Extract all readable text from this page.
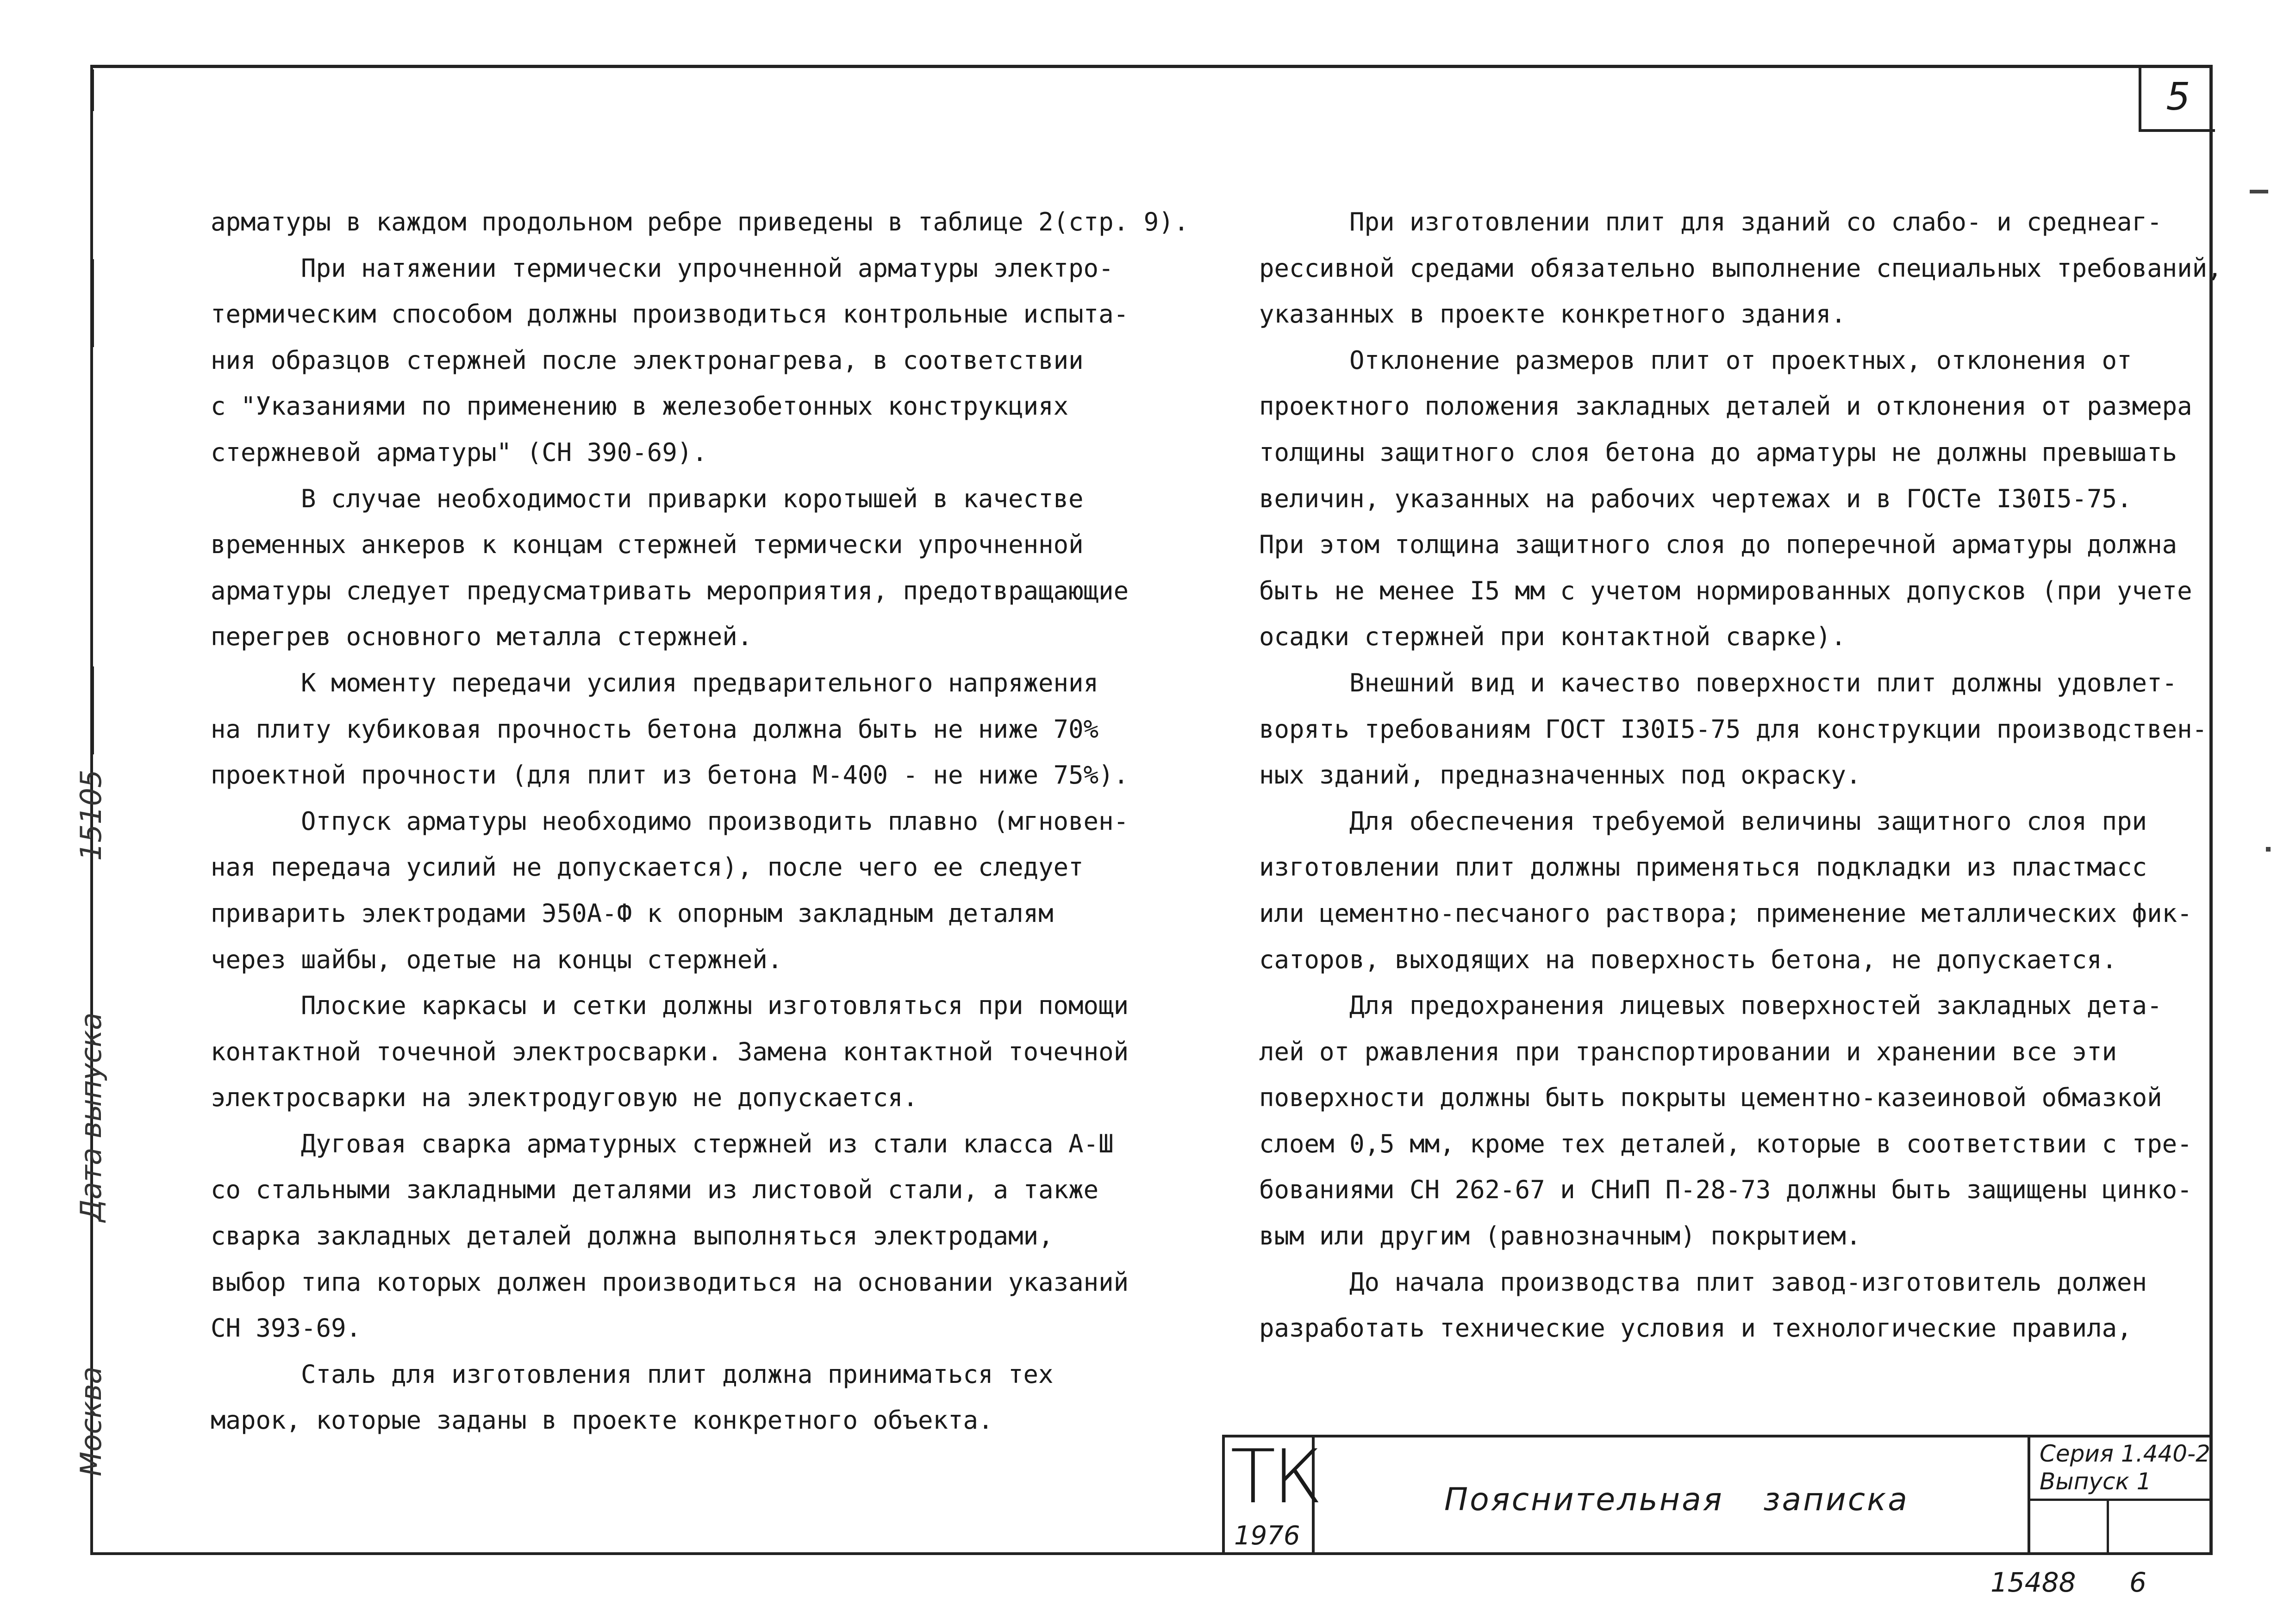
5
Москва
Дата выпуска
15105

арматуры в каждом продольном ребре приведены в таблице 2(стр. 9).

При натяжении термически упрочненной арматуры электро-
термическим способом должны производиться контрольные испыта-
ния образцов стержней после электронагрева, в соответствии
с "Указаниями по применению в железобетонных конструкциях
стержневой арматуры" (СН 390-69).

В случае необходимости приварки коротышей в качестве
временных анкеров к концам стержней термически упрочненной
арматуры следует предусматривать мероприятия, предотвращающие
перегрев основного металла стержней.

К моменту передачи усилия предварительного напряжения
на плиту кубиковая прочность бетона должна быть не ниже 70%
проектной прочности (для плит из бетона М-400 - не ниже 75%).

Отпуск арматуры необходимо производить плавно (мгновен-
ная передача усилий не допускается), после чего ее следует
приварить электродами Э50А-Ф к опорным закладным деталям
через шайбы, одетые на концы стержней.

Плоские каркасы и сетки должны изготовляться при помощи
контактной точечной электросварки. Замена контактной точечной
электросварки на электродуговую не допускается.

Дуговая сварка арматурных стержней из стали класса А-Ш
со стальными закладными деталями из листовой стали, а также
сварка закладных деталей должна выполняться электродами,
выбор типа которых должен производиться на основании указаний
СН 393-69.

Сталь для изготовления плит должна приниматься тех
марок, которые заданы в проекте конкретного объекта.

При изготовлении плит для зданий со слабо- и среднеаг-
рессивной средами обязательно выполнение специальных требований,
указанных в проекте конкретного здания.

Отклонение размеров плит от проектных, отклонения от
проектного положения закладных деталей и отклонения от размера
толщины защитного слоя бетона до арматуры не должны превышать
величин, указанных на рабочих чертежах и в ГОСТе I30I5-75.
При этом толщина защитного слоя до поперечной арматуры должна
быть не менее I5 мм с учетом нормированных допусков (при учете
осадки стержней при контактной сварке).

Внешний вид и качество поверхности плит должны удовлет-
ворять требованиям ГОСТ I30I5-75 для конструкции производствен-
ных зданий, предназначенных под окраску.

Для обеспечения требуемой величины защитного слоя при
изготовлении плит должны применяться подкладки из пластмасс
или цементно-песчаного раствора; применение металлических фик-
саторов, выходящих на поверхность бетона, не допускается.

Для предохранения лицевых поверхностей закладных дета-
лей от ржавления при транспортировании и хранении все эти
поверхности должны быть покрыты цементно-казеиновой обмазкой
слоем 0,5 мм, кроме тех деталей, которые в соответствии с тре-
бованиями СН 262-67 и СНиП П-28-73 должны быть защищены цинко-
вым или другим (равнозначным) покрытием.

До начала производства плит завод-изготовитель должен
разработать технические условия и технологические правила,

ТК
1976
Пояснительная записка
Серия 1.440-2
Выпуск 1
15488 6
